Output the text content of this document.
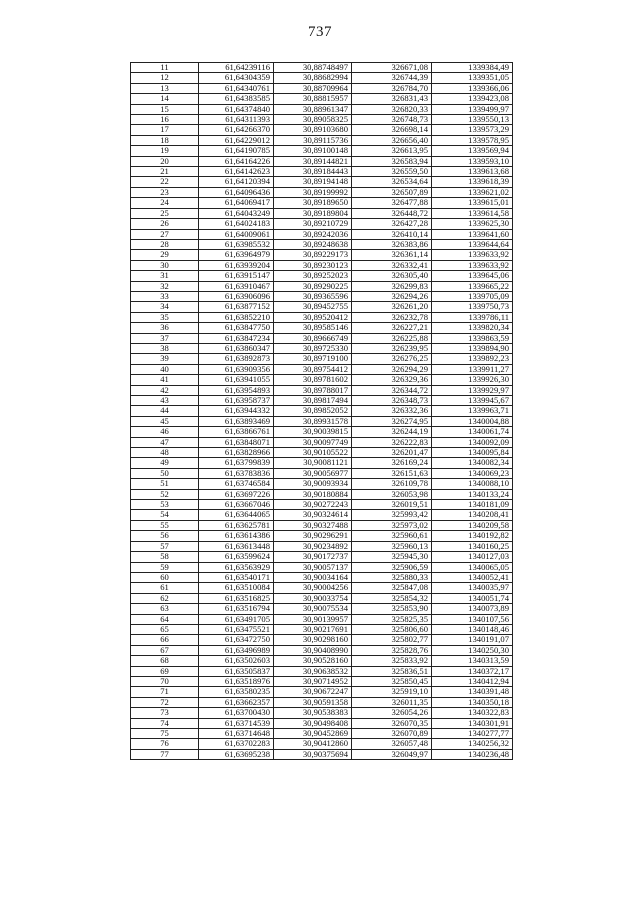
737
11	61,64239116	30,88748497	326671,08	1339384,49
12	61,64304359	30,88682994	326744,39	1339351,05
13	61,64340761	30,88709964	326784,70	1339366,06
14	61,64383585	30,88815957	326831,43	1339423,08
15	61,64374840	30,88961347	326820,33	1339499,97
16	61,64311393	30,89058325	326748,73	1339550,13
17	61,64266370	30,89103680	326698,14	1339573,29
18	61,64229012	30,89115736	326656,40	1339578,95
19	61,64190785	30,89100148	326613,95	1339569,94
20	61,64164226	30,89144821	326583,94	1339593,10
21	61,64142623	30,89184443	326559,50	1339613,68
22	61,64120394	30,89194148	326534,64	1339618,39
23	61,64096436	30,89199992	326507,89	1339621,02
24	61,64069417	30,89189650	326477,88	1339615,01
25	61,64043249	30,89189804	326448,72	1339614,58
26	61,64024183	30,89210729	326427,28	1339625,30
27	61,64009061	30,89242036	326410,14	1339641,60
28	61,63985532	30,89248638	326383,86	1339644,64
29	61,63964979	30,89229173	326361,14	1339633,92
30	61,63939204	30,89230123	326332,41	1339633,92
31	61,63915147	30,89252023	326305,40	1339645,06
32	61,63910467	30,89290225	326299,83	1339665,22
33	61,63906096	30,89365596	326294,26	1339705,09
34	61,63877152	30,89452755	326261,20	1339750,73
35	61,63852210	30,89520412	326232,78	1339786,11
36	61,63847750	30,89585146	326227,21	1339820,34
37	61,63847234	30,89666749	326225,88	1339863,59
38	61,63860347	30,89725330	326239,95	1339894,90
39	61,63892873	30,89719100	326276,25	1339892,23
40	61,63909356	30,89754412	326294,29	1339911,27
41	61,63941055	30,89781602	326329,36	1339926,30
42	61,63954893	30,89788017	326344,72	1339929,97
43	61,63958737	30,89817494	326348,73	1339945,67
44	61,63944332	30,89852052	326332,36	1339963,71
45	61,63893469	30,89931578	326274,95	1340004,88
46	61,63866761	30,90039815	326244,19	1340061,74
47	61,63848071	30,90097749	326222,83	1340092,09
48	61,63828966	30,90105522	326201,47	1340095,84
49	61,63799839	30,90081121	326169,24	1340082,34
50	61,63783836	30,90056977	326151,63	1340069,23
51	61,63746584	30,90093934	326109,78	1340088,10
52	61,63697226	30,90180884	326053,98	1340133,24
53	61,63667046	30,90272243	326019,51	1340181,09
54	61,63644065	30,90324614	325993,42	1340208,41
55	61,63625781	30,90327488	325973,02	1340209,58
56	61,63614386	30,90296291	325960,61	1340192,82
57	61,63613448	30,90234892	325960,13	1340160,25
58	61,63599624	30,90172737	325945,30	1340127,03
59	61,63563929	30,90057137	325906,59	1340065,05
60	61,63540171	30,90034164	325880,33	1340052,41
61	61,63510084	30,90004256	325847,08	1340035,97
62	61,63516825	30,90033754	325854,32	1340051,74
63	61,63516794	30,90075534	325853,90	1340073,89
64	61,63491705	30,90139957	325825,35	1340107,56
65	61,63475521	30,90217691	325806,60	1340148,46
66	61,63472750	30,90298160	325802,77	1340191,07
67	61,63496989	30,90408990	325828,76	1340250,30
68	61,63502603	30,90528160	325833,92	1340313,59
69	61,63505837	30,90638532	325836,51	1340372,17
70	61,63518976	30,90714952	325850,45	1340412,94
71	61,63580235	30,90672247	325919,10	1340391,48
72	61,63662357	30,90591358	326011,35	1340350,18
73	61,63700430	30,90538383	326054,26	1340322,83
74	61,63714539	30,90498408	326070,35	1340301,91
75	61,63714648	30,90452869	326070,89	1340277,77
76	61,63702283	30,90412860	326057,48	1340256,32
77	61,63695238	30,90375694	326049,97	1340236,48
